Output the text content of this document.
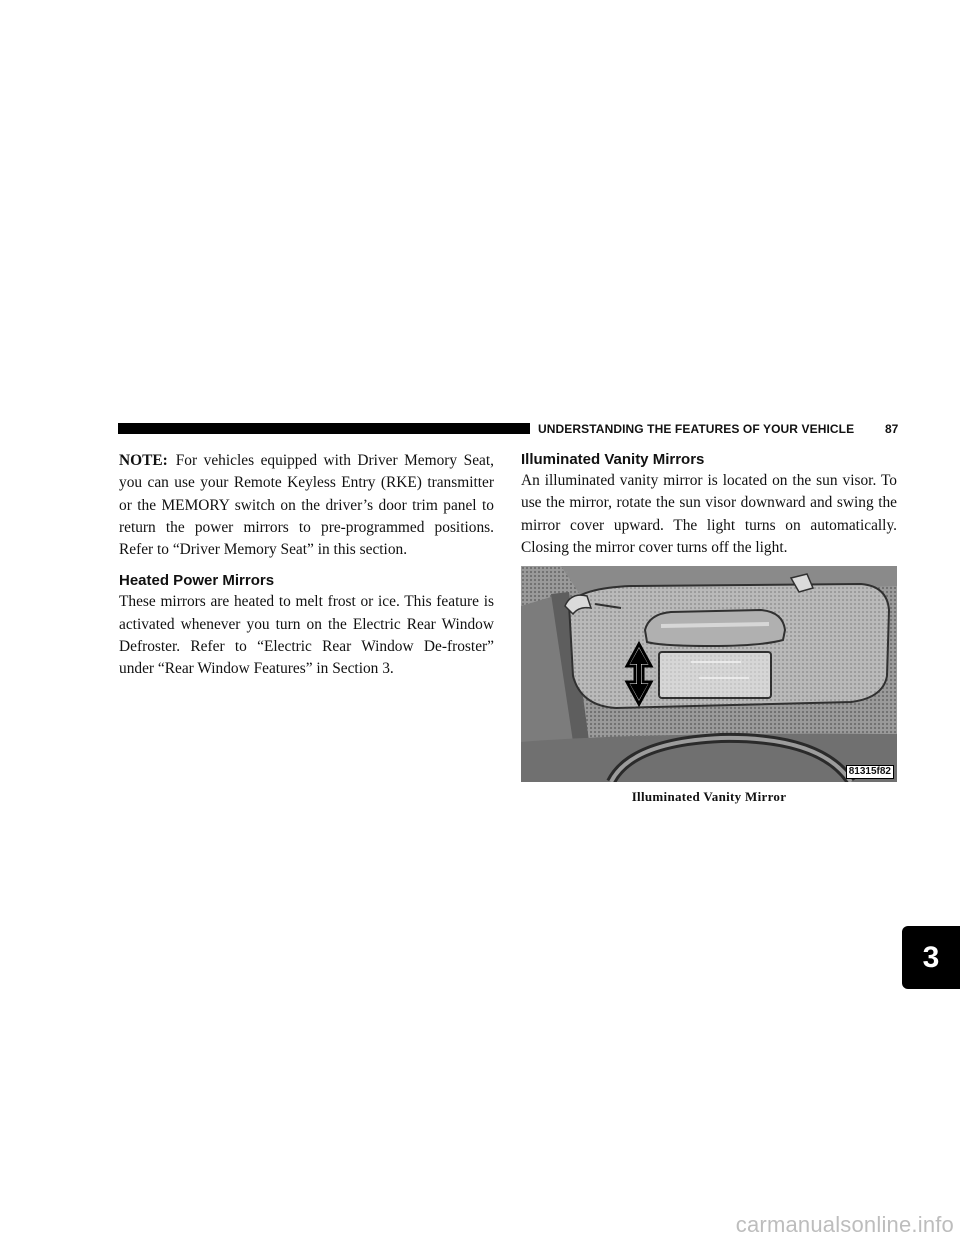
UNDERSTANDING THE FEATURES OF YOUR VEHICLE	87

NOTE: For vehicles equipped with Driver Memory Seat, you can use your Remote Keyless Entry (RKE) transmitter or the MEMORY switch on the driver’s door trim panel to return the power mirrors to pre-programmed positions. Refer to “Driver Memory Seat” in this section.

Heated Power Mirrors

These mirrors are heated to melt frost or ice. This feature is activated whenever you turn on the Electric Rear Window Defroster. Refer to “Electric Rear Window De-froster” under “Rear Window Features” in Section 3.

Illuminated Vanity Mirrors

An illuminated vanity mirror is located on the sun visor. To use the mirror, rotate the sun visor downward and swing the mirror cover upward. The light turns on automatically. Closing the mirror cover turns off the light.

81315f82
Illuminated Vanity Mirror
3
carmanualsonline.info
